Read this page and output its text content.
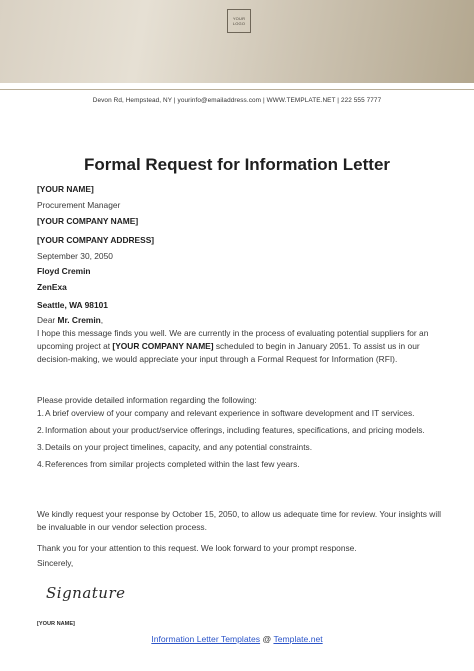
YOUR
LOGO
Devon Rd, Hempstead, NY | yourinfo@emailaddress.com | WWW.TEMPLATE.NET | 222 555 7777
Formal Request for Information Letter
[YOUR NAME]
Procurement Manager
[YOUR COMPANY NAME]
[YOUR COMPANY ADDRESS]
September 30, 2050
Floyd Cremin
ZenExa
Seattle, WA 98101
Dear Mr. Cremin,
I hope this message finds you well. We are currently in the process of evaluating potential suppliers for an upcoming project at [YOUR COMPANY NAME] scheduled to begin in January 2051. To assist us in our decision-making, we would appreciate your input through a Formal Request for Information (RFI).
Please provide detailed information regarding the following:
1. A brief overview of your company and relevant experience in software development and IT services.
2. Information about your product/service offerings, including features, specifications, and pricing models.
3. Details on your project timelines, capacity, and any potential constraints.
4. References from similar projects completed within the last few years.
We kindly request your response by October 15, 2050, to allow us adequate time for review. Your insights will be invaluable in our vendor selection process.
Thank you for your attention to this request. We look forward to your prompt response.
Sincerely,
Signature
[YOUR NAME]
Information Letter Templates @ Template.net
